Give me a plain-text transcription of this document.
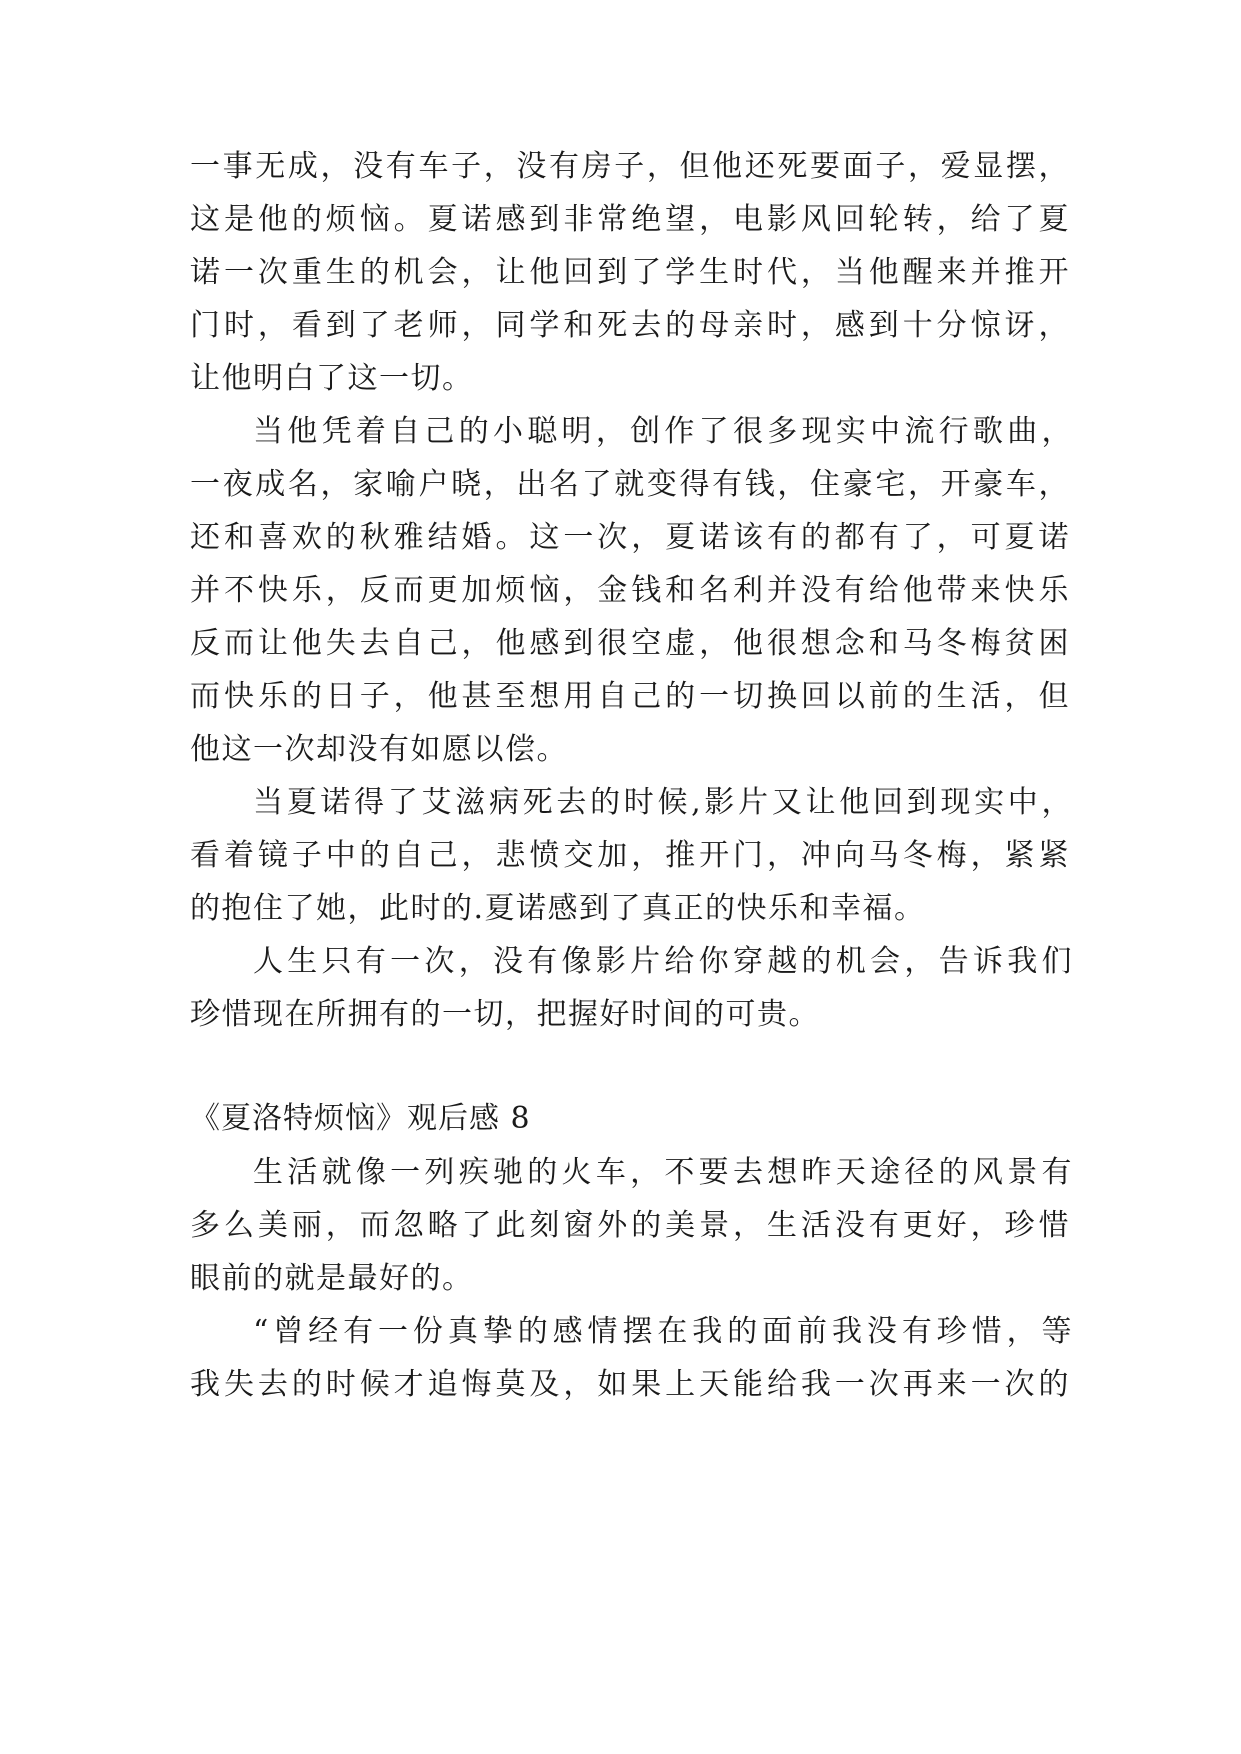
一事无成，没有车子，没有房子，但他还死要面子，爱显摆，
这是他的烦恼。夏诺感到非常绝望，电影风回轮转，给了夏
诺一次重生的机会，让他回到了学生时代，当他醒来并推开
门时，看到了老师，同学和死去的母亲时，感到十分惊讶，
让他明白了这一切。
当他凭着自己的小聪明，创作了很多现实中流行歌曲，
一夜成名，家喻户晓，出名了就变得有钱，住豪宅，开豪车，
还和喜欢的秋雅结婚。这一次，夏诺该有的都有了，可夏诺
并不快乐，反而更加烦恼，金钱和名利并没有给他带来快乐
反而让他失去自己，他感到很空虚，他很想念和马冬梅贫困
而快乐的日子，他甚至想用自己的一切换回以前的生活，但
他这一次却没有如愿以偿。
当夏诺得了艾滋病死去的时候,影片又让他回到现实中，
看着镜子中的自己，悲愤交加，推开门，冲向马冬梅，紧紧
的抱住了她，此时的.夏诺感到了真正的快乐和幸福。
人生只有一次，没有像影片给你穿越的机会，告诉我们
珍惜现在所拥有的一切，把握好时间的可贵。
《夏洛特烦恼》观后感 8
生活就像一列疾驰的火车，不要去想昨天途径的风景有
多么美丽，而忽略了此刻窗外的美景，生活没有更好，珍惜
眼前的就是最好的。
“曾经有一份真挚的感情摆在我的面前我没有珍惜，等
我失去的时候才追悔莫及，如果上天能给我一次再来一次的
